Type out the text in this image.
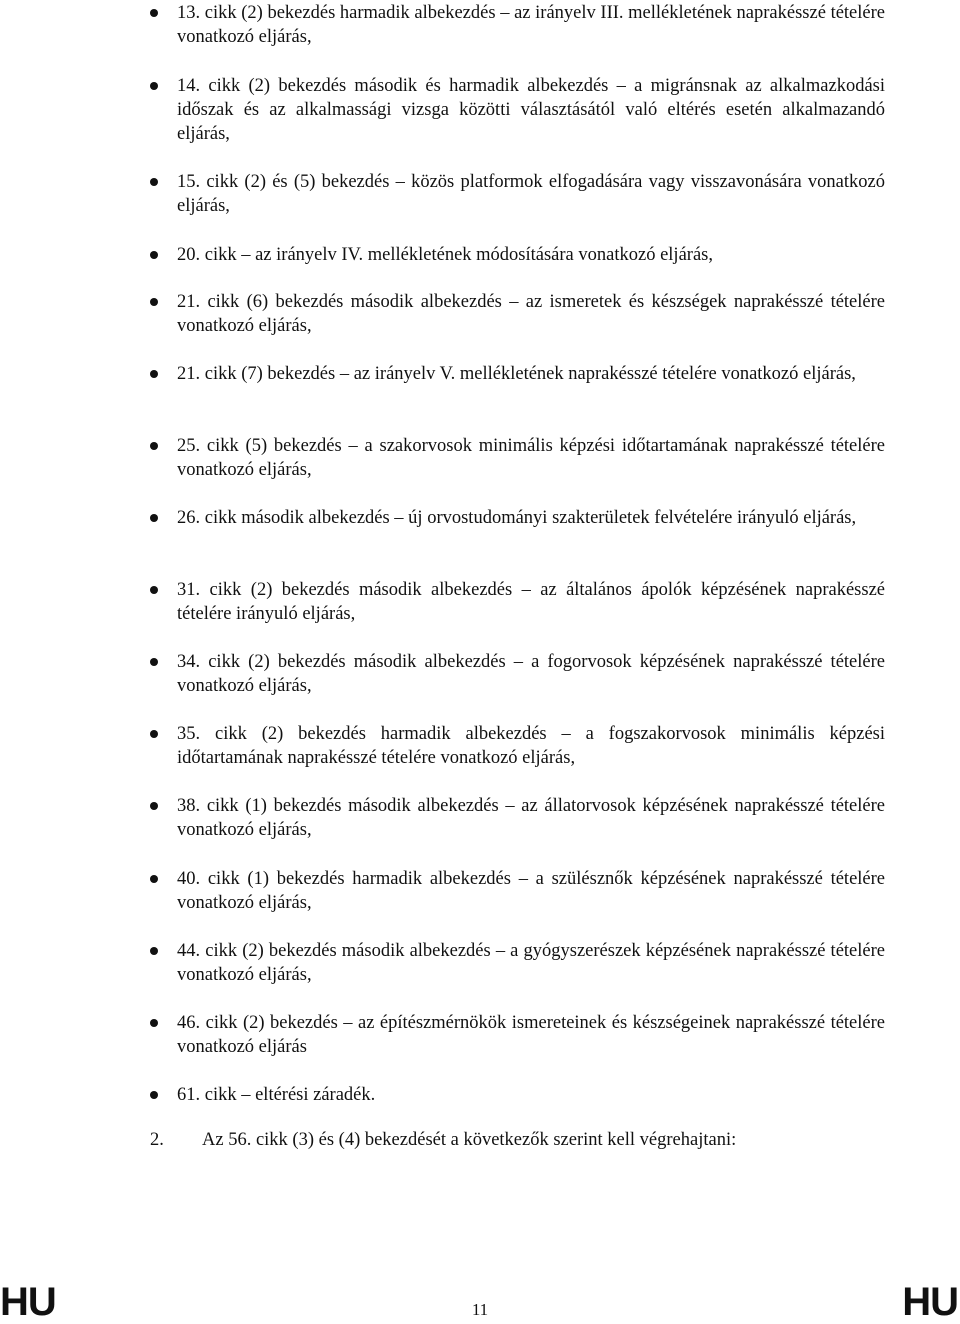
13. cikk (2) bekezdés harmadik albekezdés – az irányelv III. mellékletének naprakésszé tételére vonatkozó eljárás,
14. cikk (2) bekezdés második és harmadik albekezdés – a migránsnak az alkalmazkodási időszak és az alkalmassági vizsga közötti választásától való eltérés esetén alkalmazandó eljárás,
15. cikk (2) és (5) bekezdés – közös platformok elfogadására vagy visszavonására vonatkozó eljárás,
20. cikk – az irányelv IV. mellékletének módosítására vonatkozó eljárás,
21. cikk (6) bekezdés második albekezdés – az ismeretek és készségek naprakésszé tételére vonatkozó eljárás,
21. cikk (7) bekezdés – az irányelv V. mellékletének naprakésszé tételére vonatkozó eljárás,
25. cikk (5) bekezdés – a szakorvosok minimális képzési időtartamának naprakésszé tételére vonatkozó eljárás,
26. cikk második albekezdés – új orvostudományi szakterületek felvételére irányuló eljárás,
31. cikk (2) bekezdés második albekezdés – az általános ápolók képzésének naprakésszé tételére irányuló eljárás,
34. cikk (2) bekezdés második albekezdés – a fogorvosok képzésének naprakésszé tételére vonatkozó eljárás,
35. cikk (2) bekezdés harmadik albekezdés – a fogszakorvosok minimális képzési időtartamának naprakésszé tételére vonatkozó eljárás,
38. cikk (1) bekezdés második albekezdés – az állatorvosok képzésének naprakésszé tételére vonatkozó eljárás,
40. cikk (1) bekezdés harmadik albekezdés – a szülésznők képzésének naprakésszé tételére vonatkozó eljárás,
44. cikk (2) bekezdés második albekezdés – a gyógyszerészek képzésének naprakésszé tételére vonatkozó eljárás,
46. cikk (2) bekezdés – az építészmérnökök ismereteinek és készségeinek naprakésszé tételére vonatkozó eljárás
61. cikk – eltérési záradék.
2. Az 56. cikk (3) és (4) bekezdését a következők szerint kell végrehajtani:
HU	11	HU
